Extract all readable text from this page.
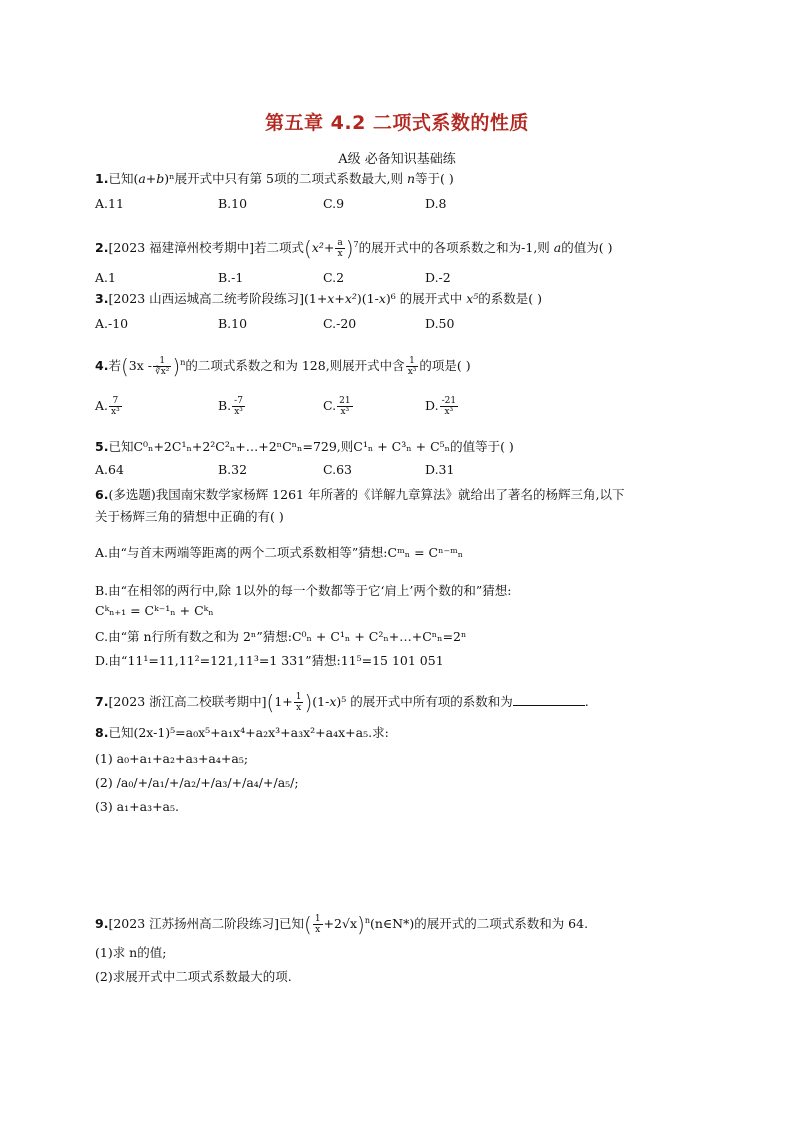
第五章 4.2 二项式系数的性质
A级 必备知识基础练
1.已知(a+b)ⁿ展开式中只有第 5项的二项式系数最大,则 n等于( )
A.11	B.10	C.9	D.8
2.[2023 福建漳州校考期中]若二项式$(x^2+ \frac{a}{x} )^7$的展开式中的各项系数之和为-1,则 a的值为( )
A.1	B.-1	C.2	D.-2
3.[2023 山西运城高二统考阶段练习](1+x+x²)(1-x)⁶ 的展开式中 x⁵的系数是( )
A.-10	B.10	C.-20	D.50
4.若$(3x - \frac{1}{\text{∛x²}} )^n$的二项式系数之和为 128,则展开式中含 $\frac{1}{\text{x³}}$ 的项是( )
A. $\frac{7}{\text{x³}}$	B. $\frac{-7}{\text{x³}}$	C. $\frac{21}{\text{x³}}$	D. $\frac{-21}{\text{x³}}$
5.已知C⁰ₙ+2C¹ₙ+2²C²ₙ+…+2ⁿCⁿₙ=729,则C¹ₙ + C³ₙ + C⁵ₙ的值等于( )
A.64	B.32	C.63	D.31
6.(多选题)我国南宋数学家杨辉 1261 年所著的《详解九章算法》就给出了著名的杨辉三角,以下
关于杨辉三角的猜想中正确的有( )
A.由“与首末两端等距离的两个二项式系数相等”猜想:Cᵐₙ = Cⁿ⁻ᵐₙ
B.由“在相邻的两行中,除 1以外的每一个数都等于它‘肩上’两个数的和”猜想:
Cᵏₙ₊₁ = Cᵏ⁻¹ₙ + Cᵏₙ
C.由“第 n行所有数之和为 2ⁿ”猜想:C⁰ₙ + C¹ₙ + C²ₙ+…+Cⁿₙ=2ⁿ
D.由“11¹=11,11²=121,11³=1 331”猜想:11⁵=15 101 051
7.[2023 浙江高二校联考期中]$(1+ \frac{1}{x} )(1-x)^5$ 的展开式中所有项的系数和为	.
8.已知(2x-1)⁵=a₀x⁵+a₁x⁴+a₂x³+a₃x²+a₄x+a₅.求:
(1) a₀+a₁+a₂+a₃+a₄+a₅;
(2) /a₀/+/a₁/+/a₂/+/a₃/+/a₄/+/a₅/;
(3) a₁+a₃+a₅.
9.[2023 江苏扬州高二阶段练习]已知( $\frac{1}{x}$ +2√x)$^n$(n∈N*)的展开式的二项式系数和为 64.
(1)求 n的值;
(2)求展开式中二项式系数最大的项.
